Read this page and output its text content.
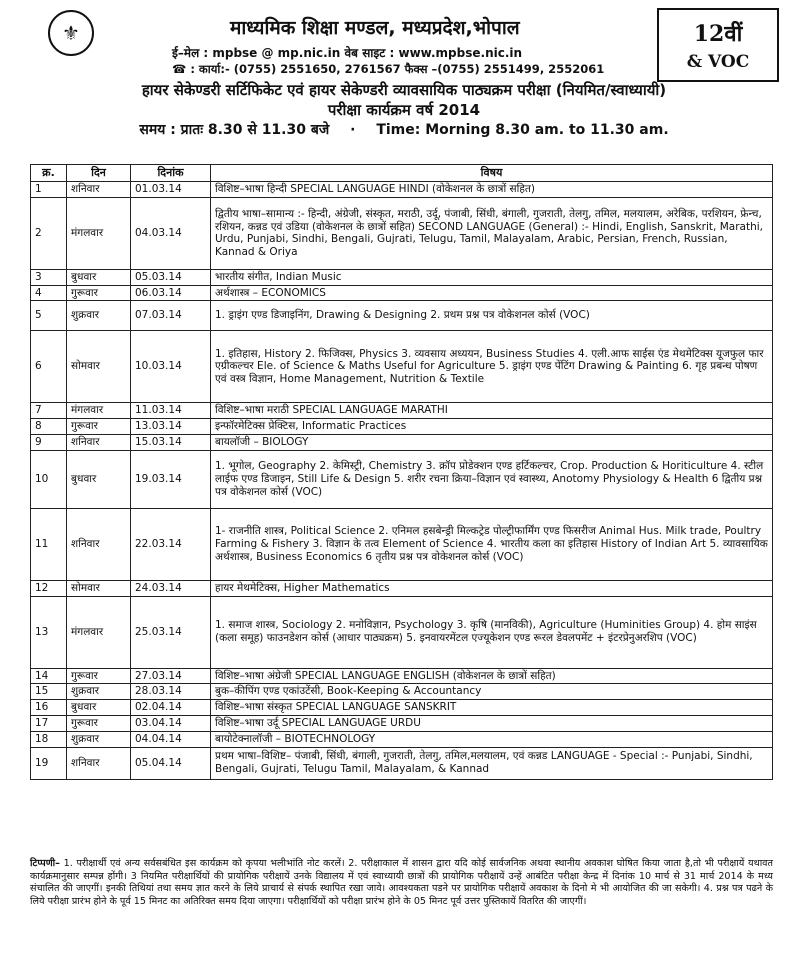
⚜	माध्यमिक शिक्षा मण्डल, मध्यप्रदेश,भोपाल
ई–मेल : mpbse @ mp.nic.in वेब साइट : www.mpbse.nic.in
☎ : कार्या:- (0755) 2551650, 2761567 फैक्स –(0755) 2551499, 2552061
12वीं
& VOC
हायर सेकेण्डरी सर्टिफिकेट एवं हायर सेकेण्डरी व्यावसायिक पाठ्यक्रम परीक्षा (नियमित/स्वाध्यायी)
परीक्षा कार्यक्रम वर्ष 2014
समय : प्रातः 8.30 से 11.30 बजे · Time: Morning 8.30 am. to 11.30 am.
क्र.	दिन	दिनांक	विषय
1	शनिवार	01.03.14	विशिष्ट–भाषा हिन्दी SPECIAL LANGUAGE HINDI (वोकेशनल के छात्रों सहित)
2	मंगलवार	04.03.14	द्वितीय भाषा–सामान्य :- हिन्दी, अंग्रेजी, संस्कृत, मराठी, उर्दू, पंजाबी, सिंधी, बंगाली, गुजराती, तेलगु, तमिल, मलयालम, अरेबिक, परशियन, फ्रेन्च, रशियन, कन्नड एवं उडिया (वोकेशनल के छात्रों सहित) SECOND LANGUAGE (General) :- Hindi, English, Sanskrit, Marathi, Urdu, Punjabi, Sindhi, Bengali, Gujrati, Telugu, Tamil, Malayalam, Arabic, Persian, French, Russian, Kannad & Oriya
3	बुधवार	05.03.14	भारतीय संगीत, Indian Music
4	गुरूवार	06.03.14	अर्थशास्त्र – ECONOMICS
5	शुक्रवार	07.03.14	1. ड्राइंग एण्ड डिजाइनिंग, Drawing & Designing 2. प्रथम प्रश्न पत्र वोकेशनल कोर्स (VOC)
6	सोमवार	10.03.14	1. इतिहास, History 2. फिजिक्स, Physics 3. व्यवसाय अध्ययन, Business Studies 4. एली.आफ साईस एंड मेथमेटिक्स यूजफुल फार एग्रीकल्चर Ele. of Science & Maths Useful for Agriculture 5. ड्राइंग एण्ड पेंटिंग Drawing & Painting 6. गृह प्रबन्ध पोषण एवं वस्त्र विज्ञान, Home Management, Nutrition & Textile
7	मंगलवार	11.03.14	विशिष्ट–भाषा मराठी SPECIAL LANGUAGE MARATHI
8	गुरूवार	13.03.14	इन्फॉरमेटिक्स प्रेक्टिस, Informatic Practices
9	शनिवार	15.03.14	बायलॉजी – BIOLOGY
10	बुधवार	19.03.14	1. भूगोल, Geography 2. केमिस्ट्री, Chemistry 3. क्रॉप प्रोडेक्शन एण्ड हर्टिकल्चर, Crop. Production & Horiticulture 4. स्टील लाईफ एण्ड डिजाइन, Still Life & Design 5. शरीर रचना क्रिया–विज्ञान एवं स्वास्थ्य, Anotomy Physiology & Health 6 द्वितीय प्रश्न पत्र वोकेशनल कोर्स (VOC)
11	शनिवार	22.03.14	1- राजनीति शास्त्र, Political Science 2. एनिमल हसबेन्ड्री मिल्कट्रेड पोल्ट्रीफार्मिंग एण्ड फिसरीज Animal Hus. Milk trade, Poultry Farming & Fishery 3. विज्ञान के तत्व Element of Science 4. भारतीय कला का इतिहास History of Indian Art 5. व्यावसायिक अर्थशास्त्र, Business Economics 6 तृतीय प्रश्न पत्र वोकेशनल कोर्स (VOC)
12	सोमवार	24.03.14	हायर मेथमेटिक्स, Higher Mathematics
13	मंगलवार	25.03.14	1. समाज शास्त्र, Sociology 2. मनोविज्ञान, Psychology 3. कृषि (मानविकी), Agriculture (Huminities Group) 4. होम साइंस (कला समूह) फाउनडेशन कोर्स (आधार पाठ्यक्रम) 5. इनवायरमेंटल एज्यूकेशन एण्ड रूरल डेवलपमेंट + इंटरप्रेनुअरशिप (VOC)
14	गुरूवार	27.03.14	विशिष्ट–भाषा अंग्रेजी SPECIAL LANGUAGE ENGLISH (वोकेशनल के छात्रों सहित)
15	शुक्रवार	28.03.14	बुक–कीपिंग एण्ड एकांउटेंसी, Book-Keeping & Accountancy
16	बुधवार	02.04.14	विशिष्ट–भाषा संस्कृत SPECIAL LANGUAGE SANSKRIT
17	गुरूवार	03.04.14	विशिष्ट–भाषा उर्दू SPECIAL LANGUAGE URDU
18	शुक्रवार	04.04.14	बायोटेक्नालॉजी – BIOTECHNOLOGY
19	शनिवार	05.04.14	प्रथम भाषा–विशिष्ट– पंजाबी, सिंधी, बंगाली, गुजराती, तेलगु, तमिल,मलयालम, एवं कन्नड LANGUAGE - Special :- Punjabi, Sindhi, Bengali, Gujrati, Telugu Tamil, Malayalam, & Kannad
टिप्पणी– 1. परीक्षार्थी एवं अन्य सर्वसबंधित इस कार्यक्रम को कृपया भलीभांति नोट करलें। 2. परीक्षाकाल में शासन द्वारा यदि कोई सार्वजनिक अथवा स्थानीय अवकाश घोषित किया जाता है,तो भी परीक्षायें यथावत कार्यक्रमानुसार सम्पन्न होंगी। 3 नियमित परीक्षार्थियों की प्रायोगिक परीक्षायें उनके विद्यालय में एवं स्वाध्यायी छात्रों की प्रायोगिक परीक्षायें उन्हें आबंटित परीक्षा केन्द्र में दिनांक 10 मार्च से 31 मार्च 2014 के मध्य संचालित की जाएगीं। इनकी तिथियां तथा समय ज्ञात करने के लिये प्राचार्य से संपर्क स्थापित रखा जावे। आवश्यकता पडने पर प्रायोगिक परीक्षायें अवकाश के दिनो मे भी आयोजित की जा सकेगी। 4. प्रश्न पत्र पढने के लिये परीक्षा प्रारंभ होने के पूर्व 15 मिनट का अतिरिक्त समय दिया जाएगा। परीक्षार्थियों को परीक्षा प्रारंभ होने के 05 मिनट पूर्व उत्तर पुस्तिकायें वितरित की जाएगीं।
